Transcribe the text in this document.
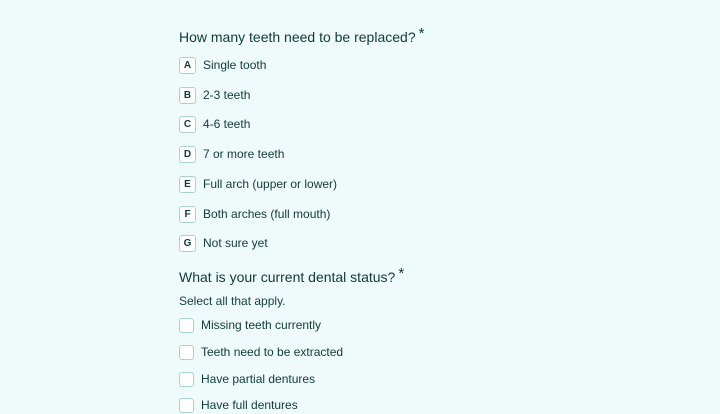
How many teeth need to be replaced? *
A Single tooth
B 2-3 teeth
C 4-6 teeth
D 7 or more teeth
E	Full arch (upper or lower)
F	Both arches (full mouth)
G Not sure yet
What is your current dental status? *
Select all that apply.
Missing teeth currently
Teeth need to be extracted
Have partial dentures
Have full dentures
